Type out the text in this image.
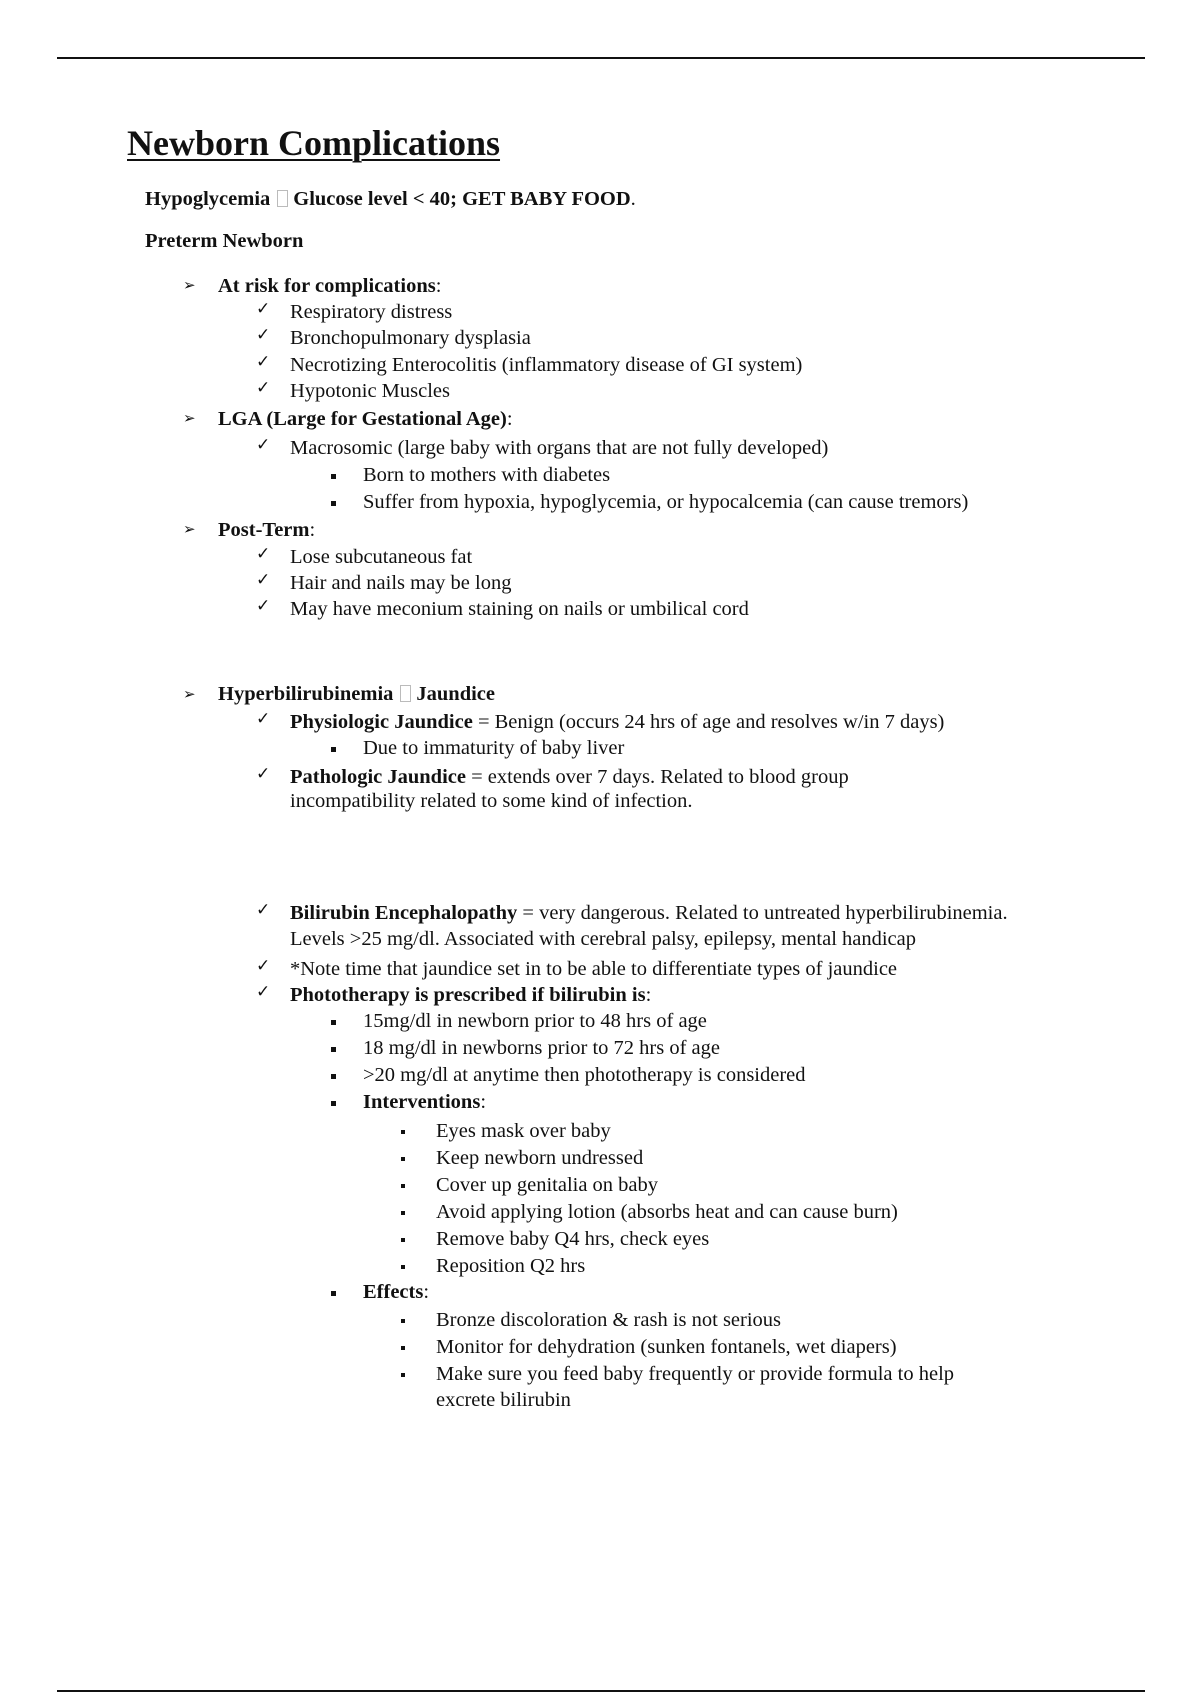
Newborn Complications
Hypoglycemia Glucose level < 40; GET BABY FOOD.
Preterm Newborn
➢ At risk for complications:
✓ Respiratory distress
✓ Bronchopulmonary dysplasia
✓ Necrotizing Enterocolitis (inflammatory disease of GI system)
✓ Hypotonic Muscles
➢ LGA (Large for Gestational Age):
✓ Macrosomic (large baby with organs that are not fully developed)
Born to mothers with diabetes
Suffer from hypoxia, hypoglycemia, or hypocalcemia (can cause tremors)
➢ Post-Term:
✓ Lose subcutaneous fat
✓ Hair and nails may be long
✓ May have meconium staining on nails or umbilical cord
➢ Hyperbilirubinemia Jaundice
✓ Physiologic Jaundice = Benign (occurs 24 hrs of age and resolves w/in 7 days)
Due to immaturity of baby liver
✓ Pathologic Jaundice = extends over 7 days. Related to blood group
incompatibility related to some kind of infection.
✓ Bilirubin Encephalopathy = very dangerous. Related to untreated hyperbilirubinemia.
Levels >25 mg/dl. Associated with cerebral palsy, epilepsy, mental handicap
✓ *Note time that jaundice set in to be able to differentiate types of jaundice
✓ Phototherapy is prescribed if bilirubin is:
15mg/dl in newborn prior to 48 hrs of age
18 mg/dl in newborns prior to 72 hrs of age
>20 mg/dl at anytime then phototherapy is considered
Interventions:
Eyes mask over baby
Keep newborn undressed
Cover up genitalia on baby
Avoid applying lotion (absorbs heat and can cause burn)
Remove baby Q4 hrs, check eyes
Reposition Q2 hrs
Effects:
Bronze discoloration & rash is not serious
Monitor for dehydration (sunken fontanels, wet diapers)
Make sure you feed baby frequently or provide formula to help
excrete bilirubin
